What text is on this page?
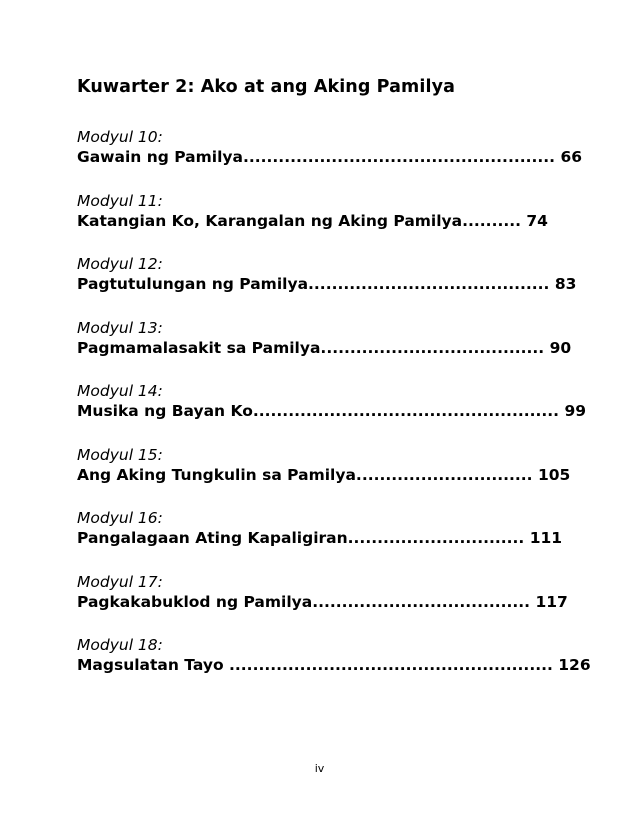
Kuwarter 2: Ako at ang Aking Pamilya
Modyul 10:
Gawain ng Pamilya..................................................... 66
Modyul 11:
Katangian Ko, Karangalan ng Aking Pamilya.......... 74
Modyul 12:
Pagtutulungan ng Pamilya......................................... 83
Modyul 13:
Pagmamalasakit sa Pamilya...................................... 90
Modyul 14:
Musika ng Bayan Ko.................................................... 99
Modyul 15:
Ang Aking Tungkulin sa Pamilya.............................. 105
Modyul 16:
Pangalagaan Ating Kapaligiran.............................. 111
Modyul 17:
Pagkakabuklod ng Pamilya..................................... 117
Modyul 18:
Magsulatan Tayo ....................................................... 126
iv
